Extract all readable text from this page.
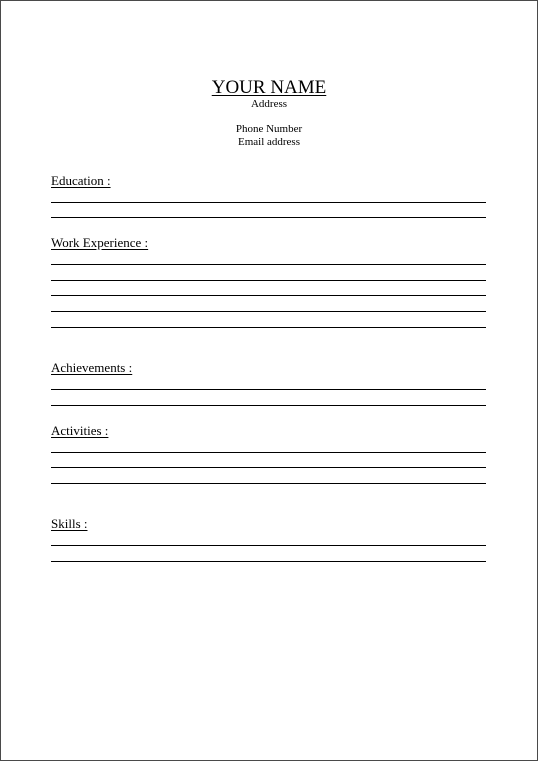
YOUR NAME
Address
Phone Number
Email address
Education :
Work Experience :
Achievements :
Activities :
Skills :
